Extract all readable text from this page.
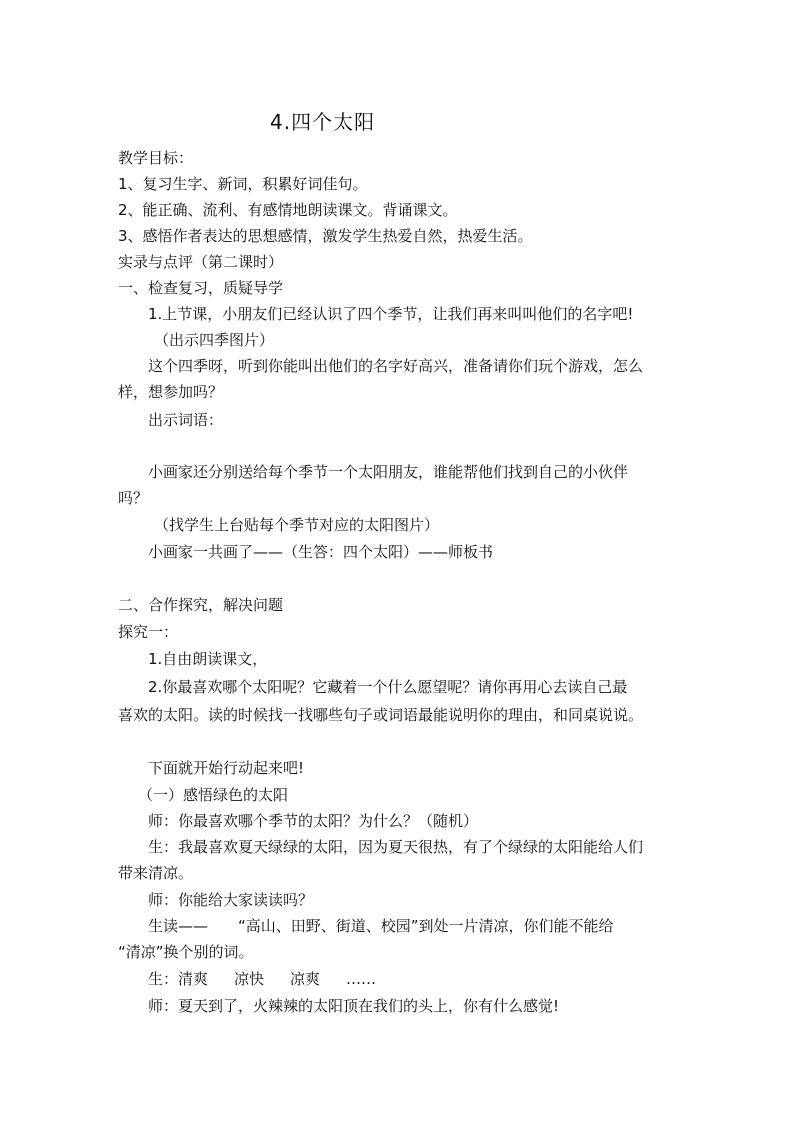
4.四个太阳
教学目标：
1、复习生字、新词，积累好词佳句。
2、能正确、流利、有感情地朗读课文。背诵课文。
3、感悟作者表达的思想感情，激发学生热爱自然，热爱生活。
实录与点评（第二课时）
一、检查复习，质疑导学
1.上节课，小朋友们已经认识了四个季节，让我们再来叫叫他们的名字吧!
（出示四季图片）
这个四季呀，听到你能叫出他们的名字好高兴，准备请你们玩个游戏，怎么
样，想参加吗？
出示词语：
小画家还分别送给每个季节一个太阳朋友，谁能帮他们找到自己的小伙伴
吗？
（找学生上台贴每个季节对应的太阳图片）
小画家一共画了——（生答：四个太阳）——师板书
二、合作探究，解决问题
探究一：
1.自由朗读课文，
2.你最喜欢哪个太阳呢？它藏着一个什么愿望呢？请你再用心去读自己最
喜欢的太阳。读的时候找一找哪些句子或词语最能说明你的理由，和同桌说说。
下面就开始行动起来吧!
（一）感悟绿色的太阳
师：你最喜欢哪个季节的太阳？为什么？（随机）
生：我最喜欢夏天绿绿的太阳，因为夏天很热，有了个绿绿的太阳能给人们
带来清凉。
师：你能给大家读读吗？
生读——　　“高山、田野、街道、校园”到处一片清凉，你们能不能给
“清凉”换个别的词。
生：清爽 凉快 凉爽 ……
师：夏天到了，火辣辣的太阳顶在我们的头上，你有什么感觉!
